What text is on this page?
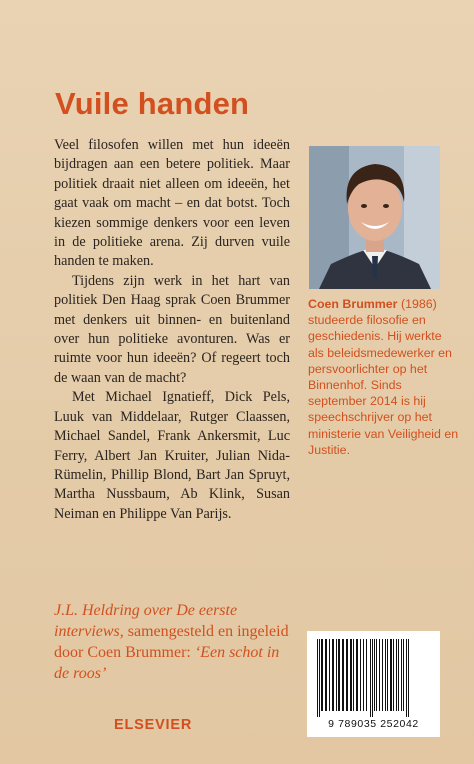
Vuile handen

Veel filosofen willen met hun ideeën bijdragen aan een betere politiek. Maar politiek draait niet alleen om ideeën, het gaat vaak om macht – en dat botst. Toch kiezen sommige denkers voor een leven in de politieke arena. Zij durven vuile handen te maken.

Tijdens zijn werk in het hart van politiek Den Haag sprak Coen Brummer met denkers uit binnen- en buitenland over hun politieke avonturen. Was er ruimte voor hun ideeën? Of regeert toch de waan van de macht?

Met Michael Ignatieff, Dick Pels, Luuk van Middelaar, Rutger Claassen, Michael Sandel, Frank Ankersmit, Luc Ferry, Albert Jan Kruiter, Julian Nida-Rümelin, Phillip Blond, Bart Jan Spruyt, Martha Nussbaum, Ab Klink, Susan Neiman en Philippe Van Parijs.

J.L. Heldring over De eerste interviews, samengesteld en ingeleid door Coen Brummer: ‘Een schot in de roos’

ELSEVIER

Coen Brummer (1986) studeerde filosofie en geschiedenis. Hij werkte als beleidsmedewerker en persvoorlichter op het Binnenhof. Sinds september 2014 is hij speechschrijver op het ministerie van Veiligheid en Justitie.

9 789035 252042
